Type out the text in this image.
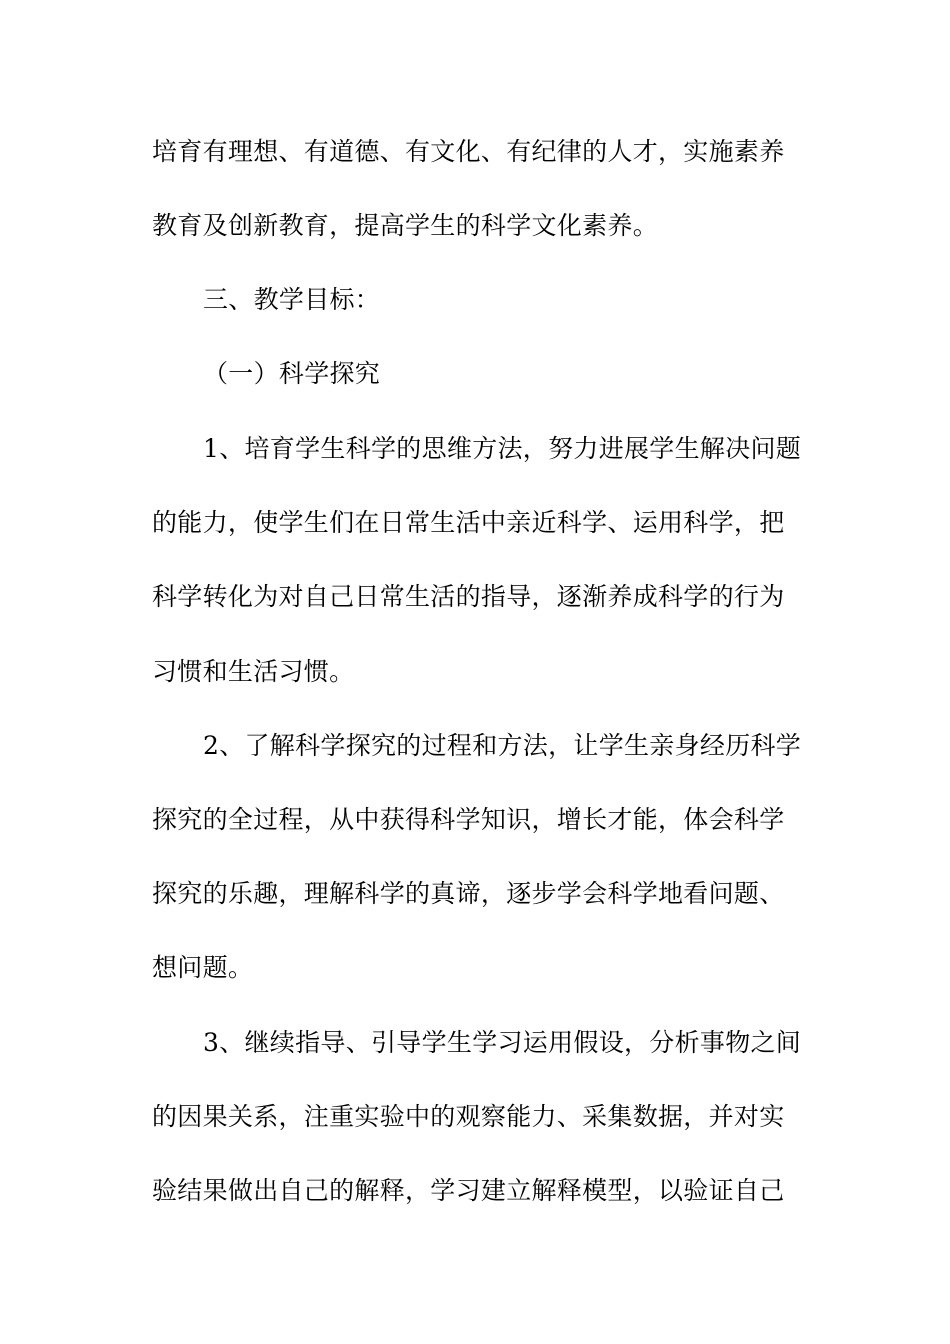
培育有理想、有道德、有文化、有纪律的人才，实施素养
教育及创新教育，提高学生的科学文化素养。
三、教学目标：
（一）科学探究
1、培育学生科学的思维方法，努力进展学生解决问题
的能力，使学生们在日常生活中亲近科学、运用科学，把
科学转化为对自己日常生活的指导，逐渐养成科学的行为
习惯和生活习惯。
2、了解科学探究的过程和方法，让学生亲身经历科学
探究的全过程，从中获得科学知识，增长才能，体会科学
探究的乐趣，理解科学的真谛，逐步学会科学地看问题、
想问题。
3、继续指导、引导学生学习运用假设，分析事物之间
的因果关系，注重实验中的观察能力、采集数据，并对实
验结果做出自己的解释，学习建立解释模型，以验证自己
